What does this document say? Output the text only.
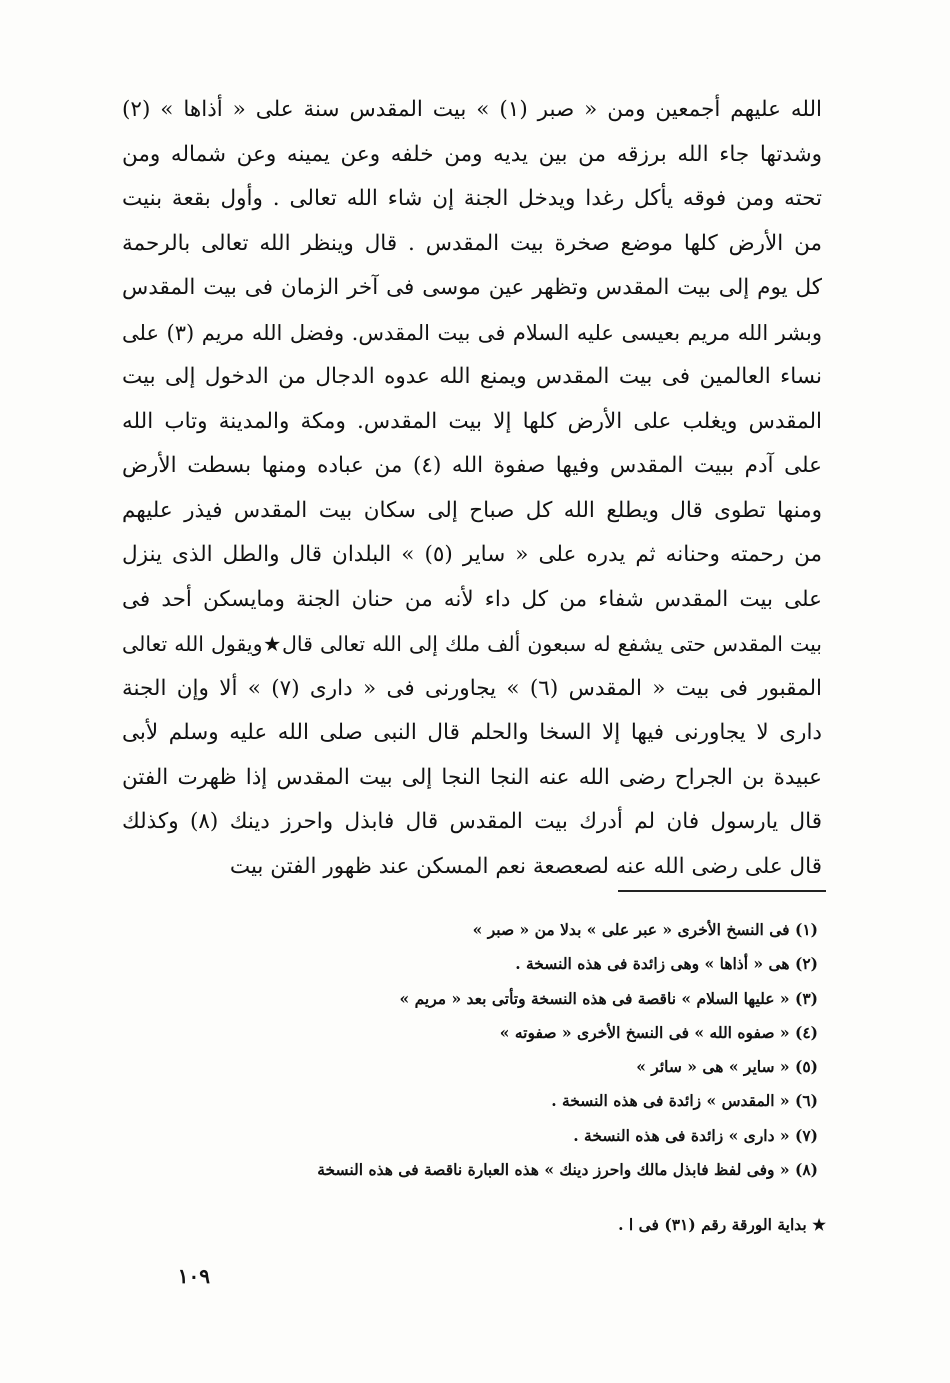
الله عليهم أجمعين ومن « صبر (١) » بيت المقدس سنة على « أذاها » (٢)
وشدتها جاء الله برزقه من بين يديه ومن خلفه وعن يمينه وعن شماله ومن
تحته ومن فوقه يأكل رغدا ويدخل الجنة إن شاء الله تعالى . وأول بقعة بنيت
من الأرض كلها موضع صخرة بيت المقدس . قال وينظر الله تعالى بالرحمة
كل يوم إلى بيت المقدس وتظهر عين موسى فى آخر الزمان فى بيت المقدس
وبشر الله مريم بعيسى عليه السلام فى بيت المقدس. وفضل الله مريم (٣) على
نساء العالمين فى بيت المقدس ويمنع الله عدوه الدجال من الدخول إلى بيت
المقدس ويغلب على الأرض كلها إلا بيت المقدس. ومكة والمدينة وتاب الله
على آدم ببيت المقدس وفيها صفوة الله (٤) من عباده ومنها بسطت الأرض
ومنها تطوى قال ويطلع الله كل صباح إلى سكان بيت المقدس فيذر عليهم
من رحمته وحنانه ثم يدره على « ساير (٥) » البلدان قال والطل الذى ينزل
على بيت المقدس شفاء من كل داء لأنه من حنان الجنة ومايسكن أحد فى
بيت المقدس حتى يشفع له سبعون ألف ملك إلى الله تعالى قال★ويقول الله تعالى
المقبور فى بيت « المقدس (٦) » يجاورنى فى « دارى (٧) » ألا وإن الجنة
دارى لا يجاورنى فيها إلا السخا والحلم قال النبى صلى الله عليه وسلم لأبى
عبيدة بن الجراح رضى الله عنه النجا النجا إلى بيت المقدس إذا ظهرت الفتن
قال يارسول فان لم أدرك بيت المقدس قال فابذل واحرز دينك (٨) وكذلك
قال على رضى الله عنه لصعصعة نعم المسكن عند ظهور الفتن بيت
(١) فى النسخ الأخرى « عبر على » بدلا من « صبر »
(٢) هى « أذاها » وهى زائدة فى هذه النسخة .
(٣) « عليها السلام » ناقصة فى هذه النسخة وتأتى بعد « مريم »
(٤) « صفوه الله » فى النسخ الأخرى « صفوته »
(٥) « ساير » هى « سائر »
(٦) « المقدس » زائدة فى هذه النسخة .
(٧) « دارى » زائدة فى هذه النسخة .
(٨) « وفى لفظ فابذل مالك واحرز دينك » هذه العبارة ناقصة فى هذه النسخة
★ بداية الورقة رقم (٣١) فى ا .
١٠٩
